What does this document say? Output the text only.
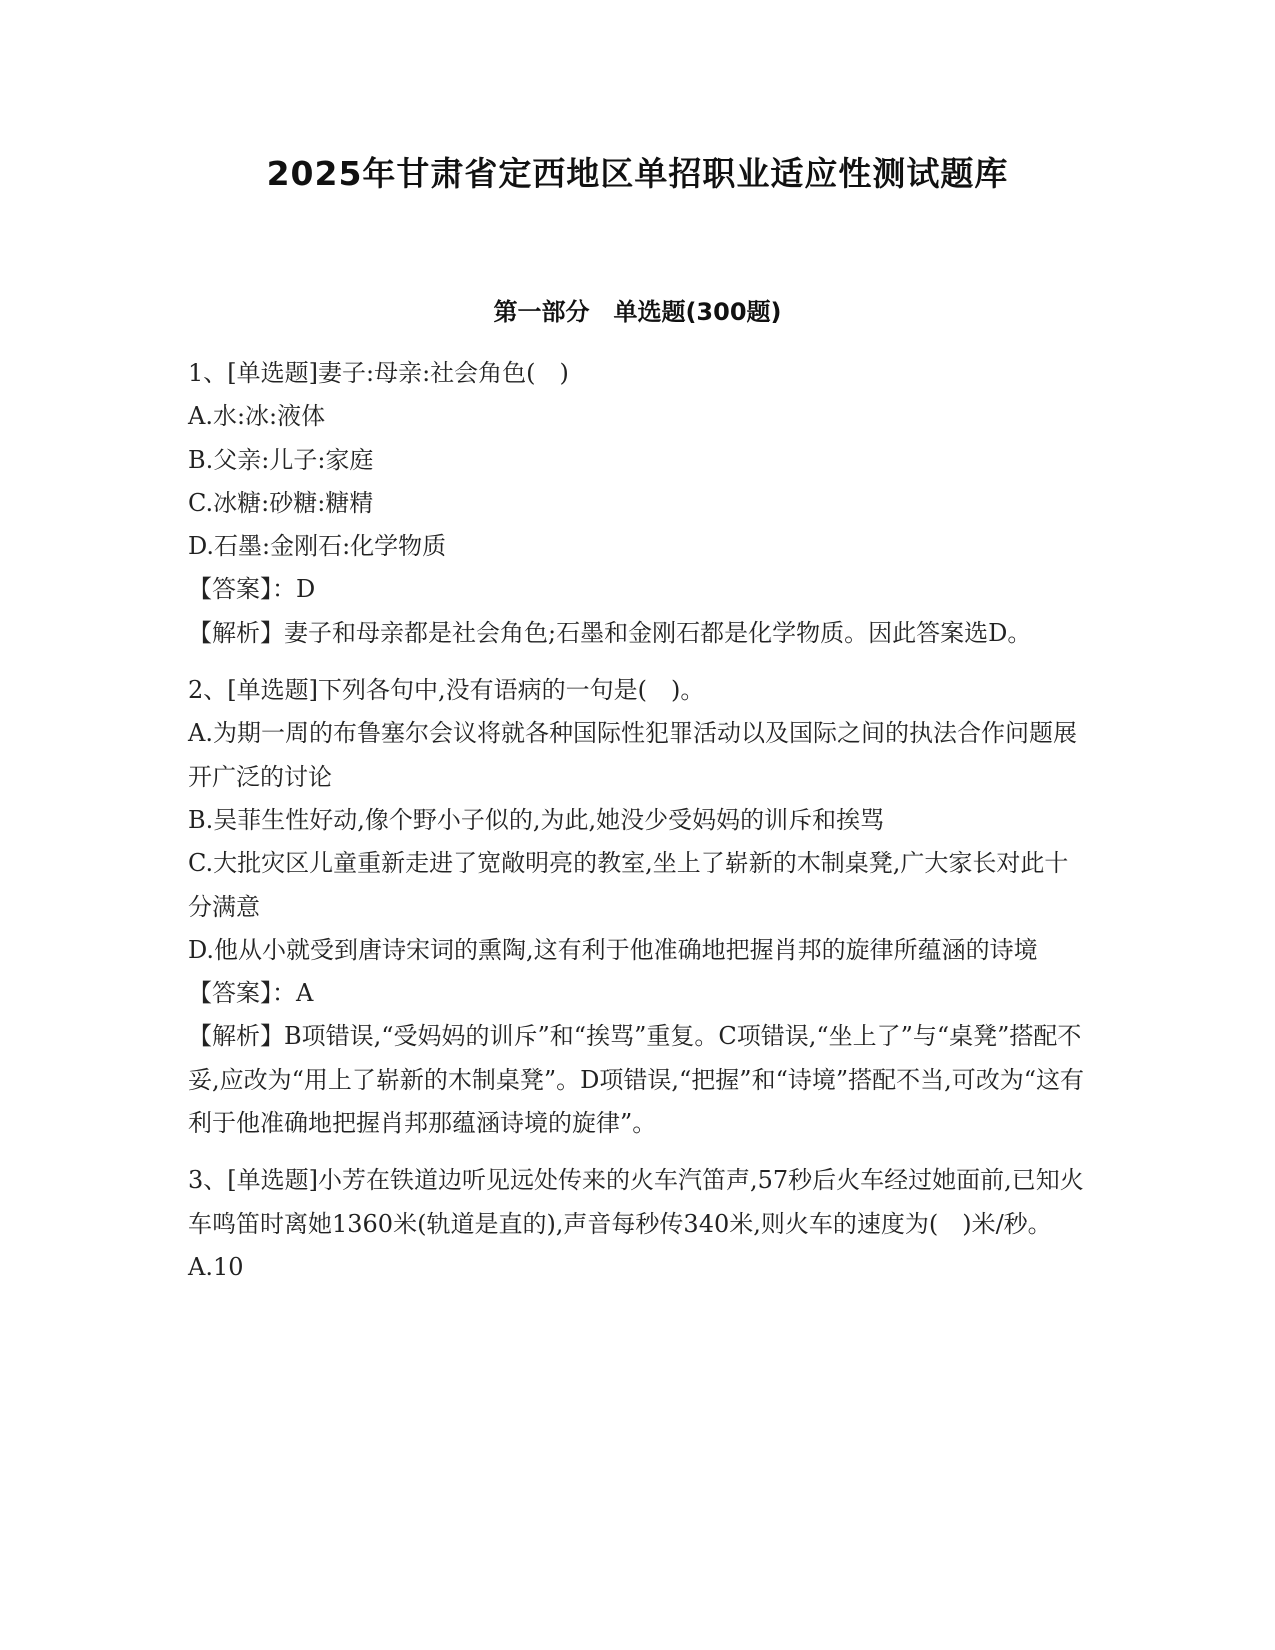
2025年甘肃省定西地区单招职业适应性测试题库
第一部分　单选题(300题)
1、[单选题]妻子:母亲:社会角色(　)
A.水:冰:液体
B.父亲:儿子:家庭
C.冰糖:砂糖:糖精
D.石墨:金刚石:化学物质
【答案】：D
【解析】妻子和母亲都是社会角色;石墨和金刚石都是化学物质。因此答案选D。
2、[单选题]下列各句中,没有语病的一句是(　)。
A.为期一周的布鲁塞尔会议将就各种国际性犯罪活动以及国际之间的执法合作问题展开广泛的讨论
B.吴菲生性好动,像个野小子似的,为此,她没少受妈妈的训斥和挨骂
C.大批灾区儿童重新走进了宽敞明亮的教室,坐上了崭新的木制桌凳,广大家长对此十分满意
D.他从小就受到唐诗宋词的熏陶,这有利于他准确地把握肖邦的旋律所蕴涵的诗境
【答案】：A
【解析】B项错误,“受妈妈的训斥”和“挨骂”重复。C项错误,“坐上了”与“桌凳”搭配不妥,应改为“用上了崭新的木制桌凳”。D项错误,“把握”和“诗境”搭配不当,可改为“这有利于他准确地把握肖邦那蕴涵诗境的旋律”。
3、[单选题]小芳在铁道边听见远处传来的火车汽笛声,57秒后火车经过她面前,已知火车鸣笛时离她1360米(轨道是直的),声音每秒传340米,则火车的速度为(　)米/秒。
A.10
